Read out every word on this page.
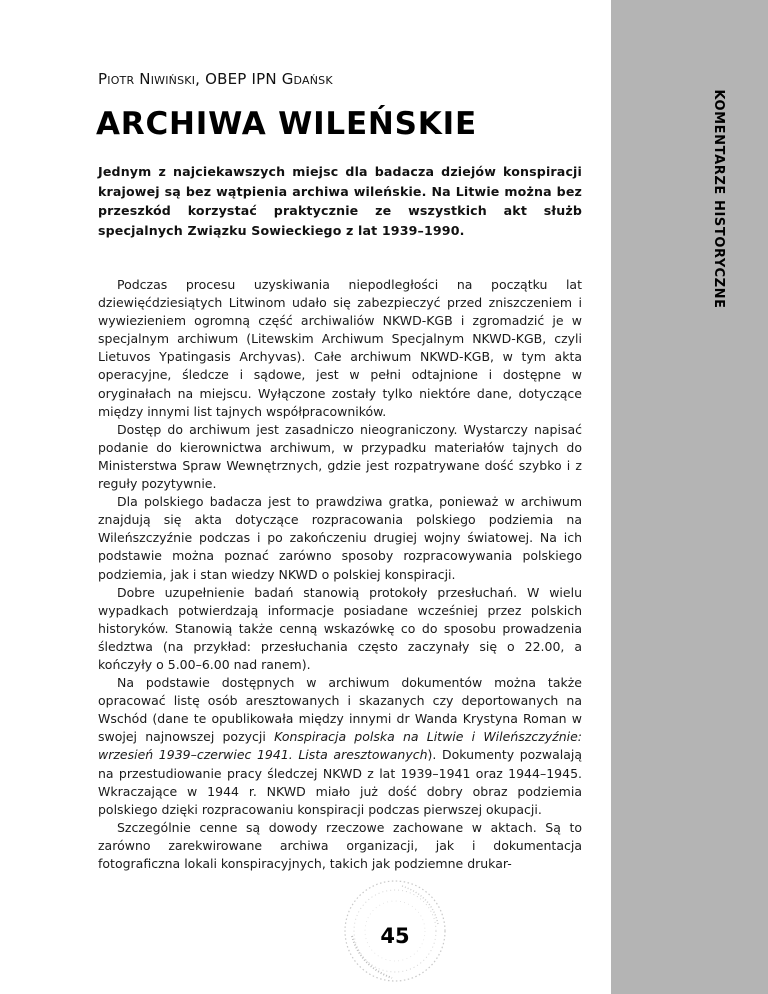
KOMENTARZE HISTORYCZNE
Piotr Niwiński, OBEP IPN Gdańsk
ARCHIWA WILEŃSKIE

Jednym z najciekawszych miejsc dla badacza dziejów konspiracji krajowej są bez wątpienia archiwa wileńskie. Na Litwie można bez przeszkód korzystać praktycznie ze wszystkich akt służb specjalnych Związku Sowieckiego z lat 1939–1990.

Podczas procesu uzyskiwania niepodległości na początku lat dziewięćdziesiątych Litwinom udało się zabezpieczyć przed zniszczeniem i wywiezieniem ogromną część archiwaliów NKWD-KGB i zgromadzić je w specjalnym archiwum (Litewskim Archiwum Specjalnym NKWD-KGB, czyli Lietuvos Ypatingasis Archyvas). Całe archiwum NKWD-KGB, w tym akta operacyjne, śledcze i sądowe, jest w pełni odtajnione i dostępne w oryginałach na miejscu. Wyłączone zostały tylko niektóre dane, dotyczące między innymi list tajnych współpracowników.

Dostęp do archiwum jest zasadniczo nieograniczony. Wystarczy napisać podanie do kierownictwa archiwum, w przypadku materiałów tajnych do Ministerstwa Spraw Wewnętrznych, gdzie jest rozpatrywane dość szybko i z reguły pozytywnie.

Dla polskiego badacza jest to prawdziwa gratka, ponieważ w archiwum znajdują się akta dotyczące rozpracowania polskiego podziemia na Wileńszczyźnie podczas i po zakończeniu drugiej wojny światowej. Na ich podstawie można poznać zarówno sposoby rozpracowywania polskiego podziemia, jak i stan wiedzy NKWD o polskiej konspiracji.

Dobre uzupełnienie badań stanowią protokoły przesłuchań. W wielu wypadkach potwierdzają informacje posiadane wcześniej przez polskich historyków. Stanowią także cenną wskazówkę co do sposobu prowadzenia śledztwa (na przykład: przesłuchania często zaczynały się o 22.00, a kończyły o 5.00–6.00 nad ranem).

Na podstawie dostępnych w archiwum dokumentów można także opracować listę osób aresztowanych i skazanych czy deportowanych na Wschód (dane te opublikowała między innymi dr Wanda Krystyna Roman w swojej najnowszej pozycji Konspiracja polska na Litwie i Wileńszczyźnie: wrzesień 1939–czerwiec 1941. Lista aresztowanych). Dokumenty pozwalają na przestudiowanie pracy śledczej NKWD z lat 1939–1941 oraz 1944–1945. Wkraczające w 1944 r. NKWD miało już dość dobry obraz podziemia polskiego dzięki rozpracowaniu konspiracji podczas pierwszej okupacji.

Szczególnie cenne są dowody rzeczowe zachowane w aktach. Są to zarówno zarekwirowane archiwa organizacji, jak i dokumentacja fotograficzna lokali konspiracyjnych, takich jak podziemne drukar-

45
